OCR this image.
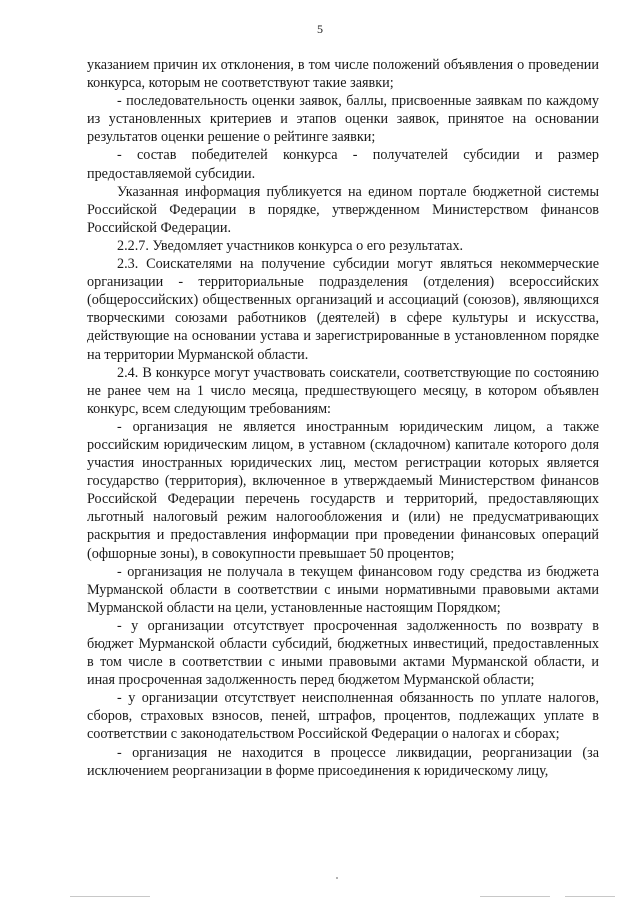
5

указанием причин их отклонения, в том числе положений объявления о проведении конкурса, которым не соответствуют такие заявки;

- последовательность оценки заявок, баллы, присвоенные заявкам по каждому из установленных критериев и этапов оценки заявок, принятое на основании результатов оценки решение о рейтинге заявки;

- состав победителей конкурса - получателей субсидии и размер предоставляемой субсидии.

Указанная информация публикуется на едином портале бюджетной системы Российской Федерации в порядке, утвержденном Министерством финансов Российской Федерации.

2.2.7. Уведомляет участников конкурса о его результатах.

2.3. Соискателями на получение субсидии могут являться некоммерческие организации - территориальные подразделения (отделения) всероссийских (общероссийских) общественных организаций и ассоциаций (союзов), являющихся творческими союзами работников (деятелей) в сфере культуры и искусства, действующие на основании устава и зарегистрированные в установленном порядке на территории Мурманской области.

2.4. В конкурсе могут участвовать соискатели, соответствующие по состоянию не ранее чем на 1 число месяца, предшествующего месяцу, в котором объявлен конкурс, всем следующим требованиям:

- организация не является иностранным юридическим лицом, а также российским юридическим лицом, в уставном (складочном) капитале которого доля участия иностранных юридических лиц, местом регистрации которых является государство (территория), включенное в утверждаемый Министерством финансов Российской Федерации перечень государств и территорий, предоставляющих льготный налоговый режим налогообложения и (или) не предусматривающих раскрытия и предоставления информации при проведении финансовых операций (офшорные зоны), в совокупности превышает 50 процентов;

- организация не получала в текущем финансовом году средства из бюджета Мурманской области в соответствии с иными нормативными правовыми актами Мурманской области на цели, установленные настоящим Порядком;

- у организации отсутствует просроченная задолженность по возврату в бюджет Мурманской области субсидий, бюджетных инвестиций, предоставленных в том числе в соответствии с иными правовыми актами Мурманской области, и иная просроченная задолженность перед бюджетом Мурманской области;

- у организации отсутствует неисполненная обязанность по уплате налогов, сборов, страховых взносов, пеней, штрафов, процентов, подлежащих уплате в соответствии с законодательством Российской Федерации о налогах и сборах;

- организация не находится в процессе ликвидации, реорганизации (за исключением реорганизации в форме присоединения к юридическому лицу,
